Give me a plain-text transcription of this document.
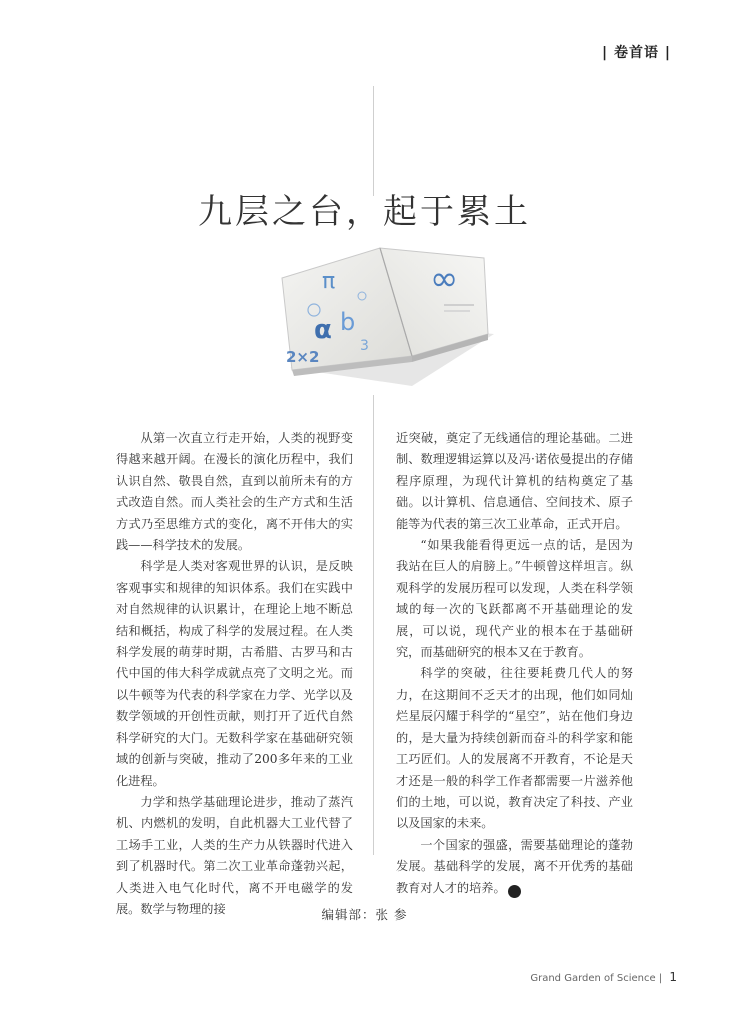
| 卷首语 |
九层之台，起于累土
π	∞
α b
2×2
3

从第一次直立行走开始，人类的视野变得越来越开阔。在漫长的演化历程中，我们认识自然、敬畏自然，直到以前所未有的方式改造自然。而人类社会的生产方式和生活方式乃至思维方式的变化，离不开伟大的实践——科学技术的发展。

科学是人类对客观世界的认识，是反映客观事实和规律的知识体系。我们在实践中对自然规律的认识累计，在理论上地不断总结和概括，构成了科学的发展过程。在人类科学发展的萌芽时期，古希腊、古罗马和古代中国的伟大科学成就点亮了文明之光。而以牛顿等为代表的科学家在力学、光学以及数学领域的开创性贡献，则打开了近代自然科学研究的大门。无数科学家在基础研究领域的创新与突破，推动了200多年来的工业化进程。

力学和热学基础理论进步，推动了蒸汽机、内燃机的发明，自此机器大工业代替了工场手工业，人类的生产力从铁器时代进入到了机器时代。第二次工业革命蓬勃兴起，人类进入电气化时代，离不开电磁学的发展。数学与物理的接

近突破，奠定了无线通信的理论基础。二进制、数理逻辑运算以及冯·诺依曼提出的存储程序原理，为现代计算机的结构奠定了基础。以计算机、信息通信、空间技术、原子能等为代表的第三次工业革命，正式开启。

“如果我能看得更远一点的话，是因为我站在巨人的肩膀上。”牛顿曾这样坦言。纵观科学的发展历程可以发现，人类在科学领域的每一次的飞跃都离不开基础理论的发展，可以说，现代产业的根本在于基础研究，而基础研究的根本又在于教育。

科学的突破，往往要耗费几代人的努力，在这期间不乏天才的出现，他们如同灿烂星辰闪耀于科学的“星空”，站在他们身边的，是大量为持续创新而奋斗的科学家和能工巧匠们。人的发展离不开教育，不论是天才还是一般的科学工作者都需要一片滋养他们的土地，可以说，教育决定了科技、产业以及国家的未来。

一个国家的强盛，需要基础理论的蓬勃发展。基础科学的发展，离不开优秀的基础教育对人才的培养。	S

编辑部：张 参
Grand Garden of Science | 1
